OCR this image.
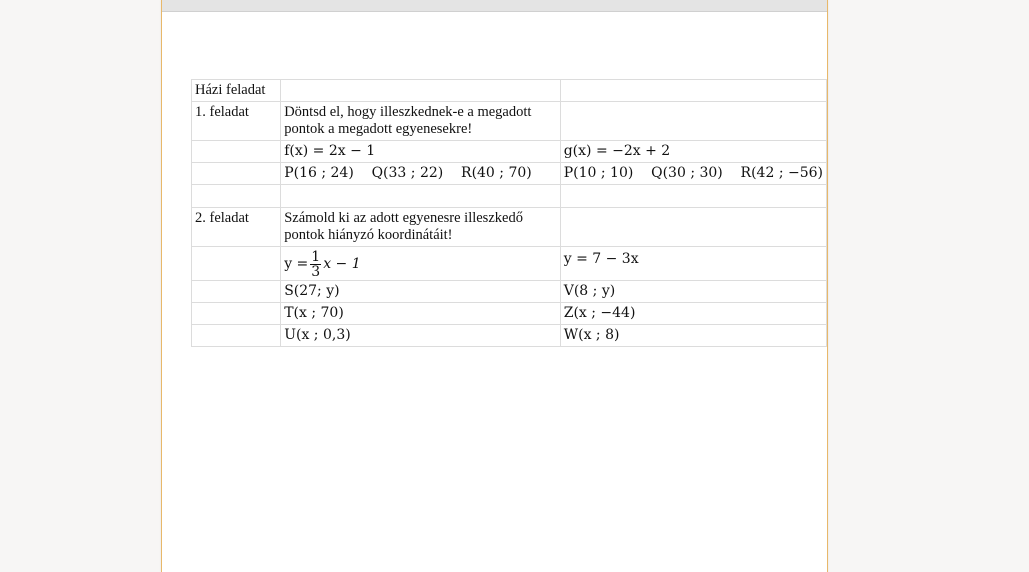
Házi feladat		
1. feladat	Döntsd el, hogy illeszkednek-e a megadott pontok a megadott egyenesekre!	
	f(x) = 2x − 1	g(x) = −2x + 2
	P(16 ; 24)    Q(33 ; 22)    R(40 ; 70)	P(10 ; 10)    Q(30 ; 30)    R(42 ; −56)

2. feladat	Számold ki az adott egyenesre illeszkedő pontok hiányzó koordinátáit!	
	$y = \frac{1}{3}$ x − 1	y = 7 − 3x
	S(27; y)	V(8 ; y)
	T(x ; 70)	Z(x ; −44)
	U(x ; 0,3)	W(x ; 8)
